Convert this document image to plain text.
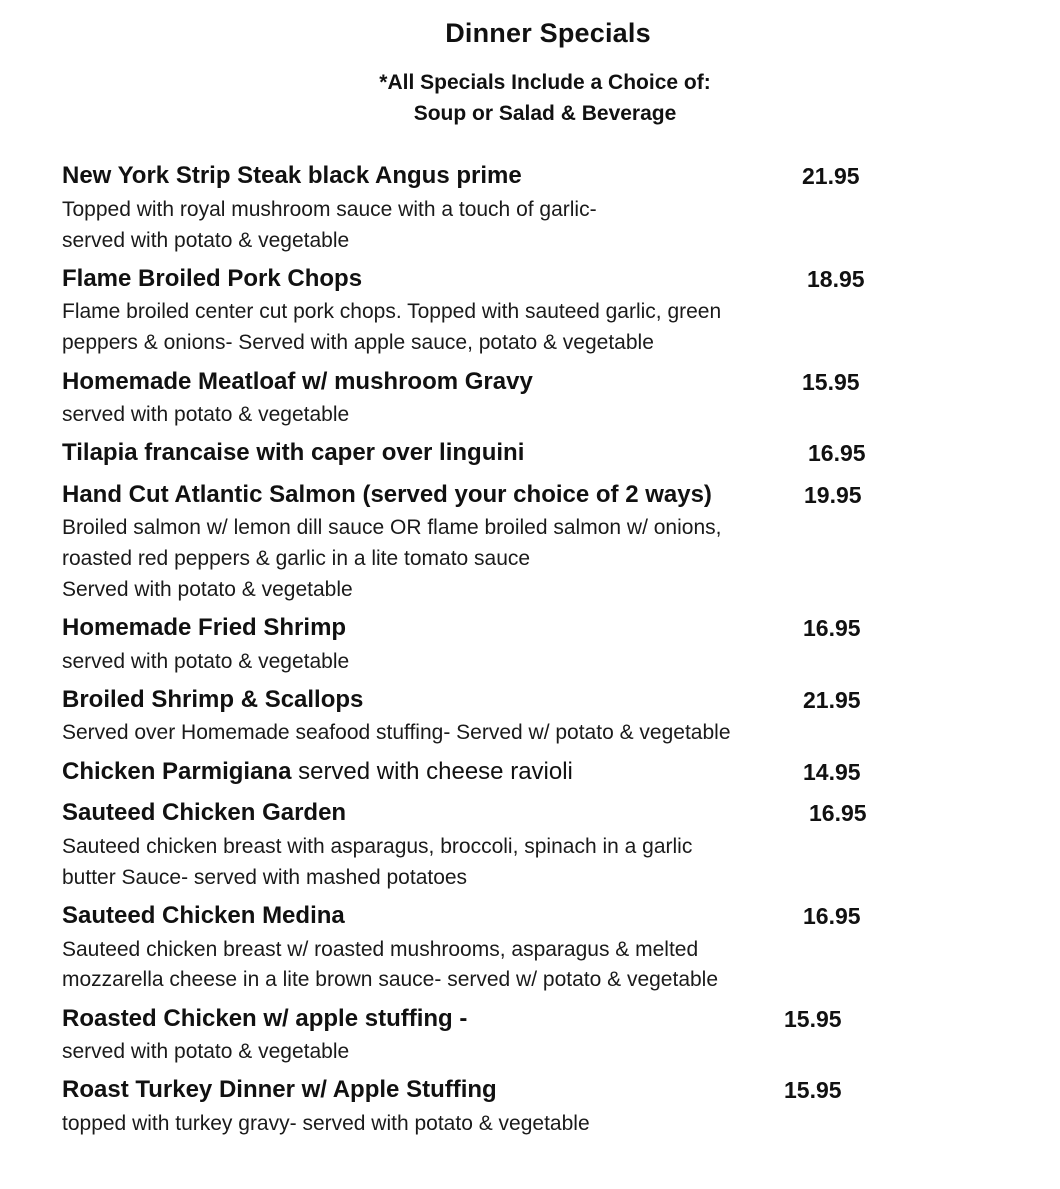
Dinner Specials
*All Specials Include a Choice of:
Soup or Salad & Beverage
New York Strip Steak black Angus prime	21.95
Topped with royal mushroom sauce with a touch of garlic-
served with potato & vegetable
Flame Broiled Pork Chops	18.95
Flame broiled center cut pork chops. Topped with sauteed garlic, green
peppers & onions- Served with apple sauce, potato & vegetable
Homemade Meatloaf w/ mushroom Gravy	15.95
served with potato & vegetable
Tilapia francaise with caper over linguini	16.95
Hand Cut Atlantic Salmon (served your choice of 2 ways)	19.95
Broiled salmon w/ lemon dill sauce OR flame broiled salmon w/ onions,
roasted red peppers & garlic in a lite tomato sauce
Served with potato & vegetable
Homemade Fried Shrimp	16.95
served with potato & vegetable
Broiled Shrimp & Scallops	21.95
Served over Homemade seafood stuffing- Served w/ potato & vegetable
Chicken Parmigiana served with cheese ravioli	14.95
Sauteed Chicken Garden	16.95
Sauteed chicken breast with asparagus, broccoli, spinach in a garlic
butter Sauce- served with mashed potatoes
Sauteed Chicken Medina	16.95
Sauteed chicken breast w/ roasted mushrooms, asparagus & melted
mozzarella cheese in a lite brown sauce- served w/ potato & vegetable
Roasted Chicken w/ apple stuffing -	15.95
served with potato & vegetable
Roast Turkey Dinner w/ Apple Stuffing	15.95
topped with turkey gravy- served with potato & vegetable
